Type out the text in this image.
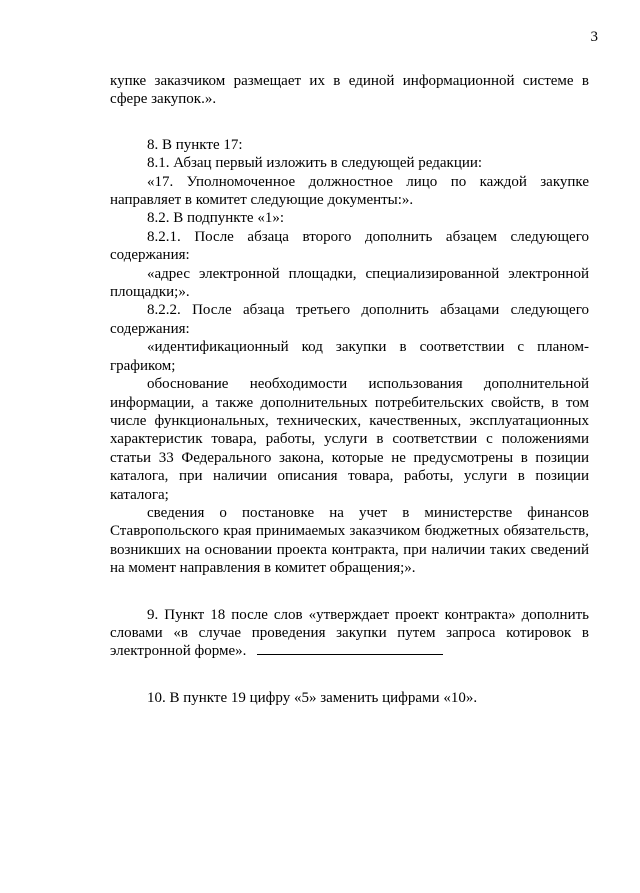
3

купке заказчиком размещает их в единой информационной системе в сфере закупок.».

8. В пункте 17:

8.1. Абзац первый изложить в следующей редакции:

«17. Уполномоченное должностное лицо по каждой закупке направляет в комитет следующие документы:».

8.2. В подпункте «1»:

8.2.1. После абзаца второго дополнить абзацем следующего содержания:

«адрес электронной площадки, специализированной электронной площадки;».

8.2.2. После абзаца третьего дополнить абзацами следующего содержания:

«идентификационный код закупки в соответствии с планом-графиком;

обоснование необходимости использования дополнительной информации, а также дополнительных потребительских свойств, в том числе функциональных, технических, качественных, эксплуатационных характеристик товара, работы, услуги в соответствии с положениями статьи 33 Федерального закона, которые не предусмотрены в позиции каталога, при наличии описания товара, работы, услуги в позиции каталога;

сведения о постановке на учет в министерстве финансов Ставропольского края принимаемых заказчиком бюджетных обязательств, возникших на основании проекта контракта, при наличии таких сведений на момент направления в комитет обращения;».

9. Пункт 18 после слов «утверждает проект контракта» дополнить словами «в случае проведения закупки путем запроса котировок в электронной форме».

10. В пункте 19 цифру «5» заменить цифрами «10».
